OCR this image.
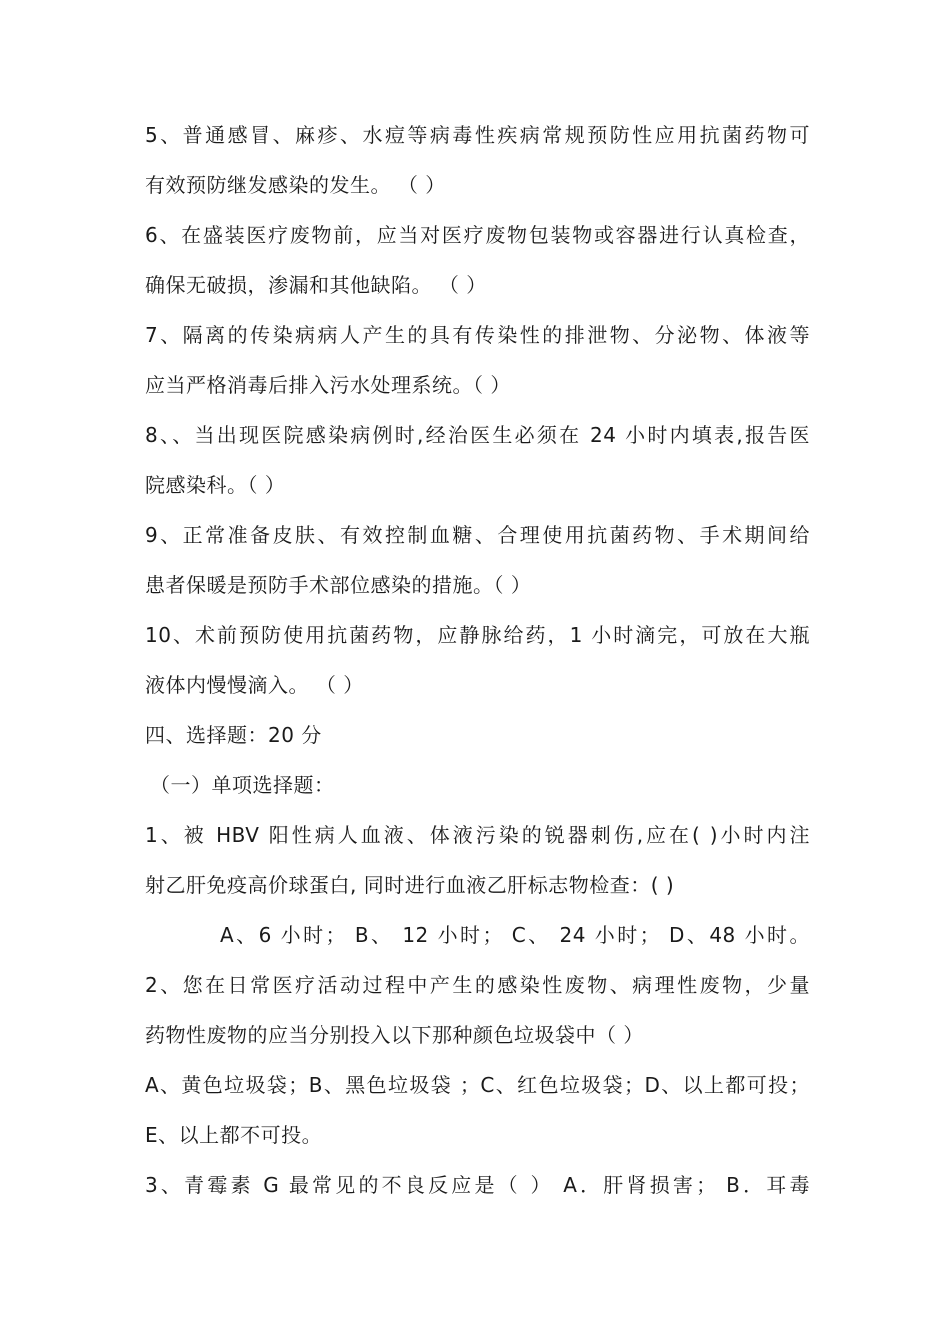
5、普通感冒、麻疹、水痘等病毒性疾病常规预防性应用抗菌药物可
有效预防继发感染的发生。 （ ）
6、在盛装医疗废物前，应当对医疗废物包装物或容器进行认真检查，
确保无破损，渗漏和其他缺陷。 （ ）
7、隔离的传染病病人产生的具有传染性的排泄物、分泌物、体液等
应当严格消毒后排入污水处理系统。（ ）
8、、当出现医院感染病例时,经治医生必须在 24 小时内填表,报告医
院感染科。（ ）
9、正常准备皮肤、有效控制血糖、合理使用抗菌药物、手术期间给
患者保暖是预防手术部位感染的措施。（ ）
10、术前预防使用抗菌药物，应静脉给药，1 小时滴完，可放在大瓶
液体内慢慢滴入。 （ ）
四、选择题：20 分
（一）单项选择题：
1、被 HBV 阳性病人血液、体液污染的锐器刺伤,应在( )小时内注
射乙肝免疫高价球蛋白, 同时进行血液乙肝标志物检查：( )
A、6 小时； B、 12 小时； C、 24 小时； D、48 小时。
2、您在日常医疗活动过程中产生的感染性废物、病理性废物，少量
药物性废物的应当分别投入以下那种颜色垃圾袋中（ ）
A、黄色垃圾袋；B、黑色垃圾袋 ；C、红色垃圾袋；D、以上都可投；
E、以上都不可投。
3、青霉素 G 最常见的不良反应是（ ） A．肝肾损害； B．耳毒
